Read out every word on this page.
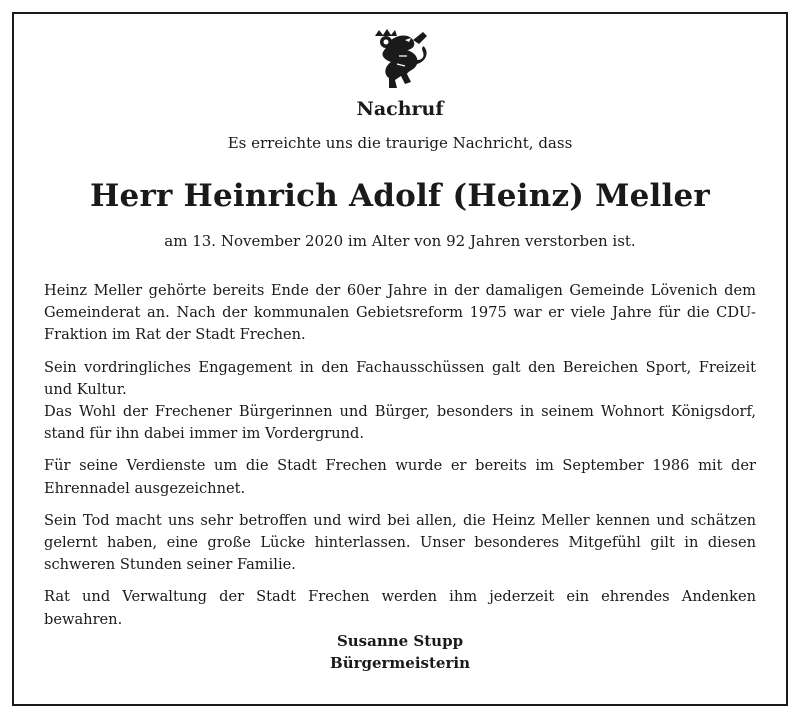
Nachruf
Es erreichte uns die traurige Nachricht, dass
Herr Heinrich Adolf (Heinz) Meller
am 13. November 2020 im Alter von 92 Jahren verstorben ist.

Heinz Meller gehörte bereits Ende der 60er Jahre in der damaligen Gemeinde Lövenich dem Gemeinderat an. Nach der kommunalen Gebietsreform 1975 war er viele Jahre für die CDU-Fraktion im Rat der Stadt Frechen.

Sein vordringliches Engagement in den Fachausschüssen galt den Bereichen Sport, Freizeit und Kultur.

Das Wohl der Frechener Bürgerinnen und Bürger, besonders in seinem Wohnort Königsdorf, stand für ihn dabei immer im Vordergrund.

Für seine Verdienste um die Stadt Frechen wurde er bereits im September 1986 mit der Ehrennadel ausgezeichnet.

Sein Tod macht uns sehr betroffen und wird bei allen, die Heinz Meller kennen und schätzen gelernt haben, eine große Lücke hinterlassen. Unser besonderes Mitgefühl gilt in diesen schweren Stunden seiner Familie.

Rat und Verwaltung der Stadt Frechen werden ihm jederzeit ein ehrendes Andenken bewahren.

Susanne Stupp
Bürgermeisterin
